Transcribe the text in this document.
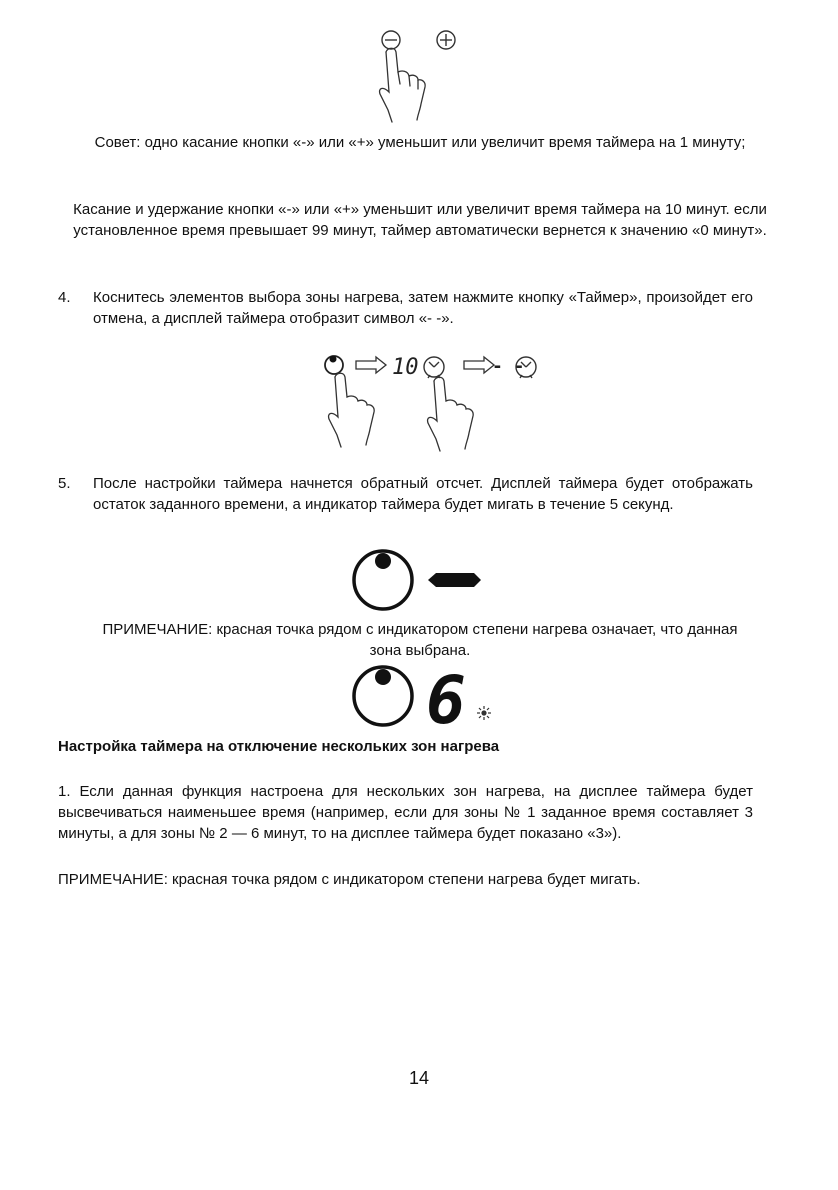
Совет: одно касание кнопки «-» или «+» уменьшит или увеличит время таймера на 1 минуту;
Касание и удержание кнопки «-» или «+» уменьшит или увеличит время таймера на 10 минут. если установленное время превышает 99 минут, таймер автоматически вернется к значению «0 минут».
4. Коснитесь элементов выбора зоны нагрева, затем нажмите кнопку «Таймер», произойдет его отмена, а дисплей таймера отобразит символ «- -».
10	- -
5. После настройки таймера начнется обратный отсчет. Дисплей таймера будет отображать остаток заданного времени, а индикатор таймера будет мигать в течение 5 секунд.
ПРИМЕЧАНИЕ: красная точка рядом с индикатором степени нагрева означает, что данная зона выбрана.
6
Настройка таймера на отключение нескольких зон нагрева
1. Если данная функция настроена для нескольких зон нагрева, на дисплее таймера будет высвечиваться наименьшее время (например, если для зоны № 1 заданное время составляет 3 минуты, а для зоны № 2 — 6 минут, то на дисплее таймера будет показано «3»).
ПРИМЕЧАНИЕ: красная точка рядом с индикатором степени нагрева будет мигать.
14
